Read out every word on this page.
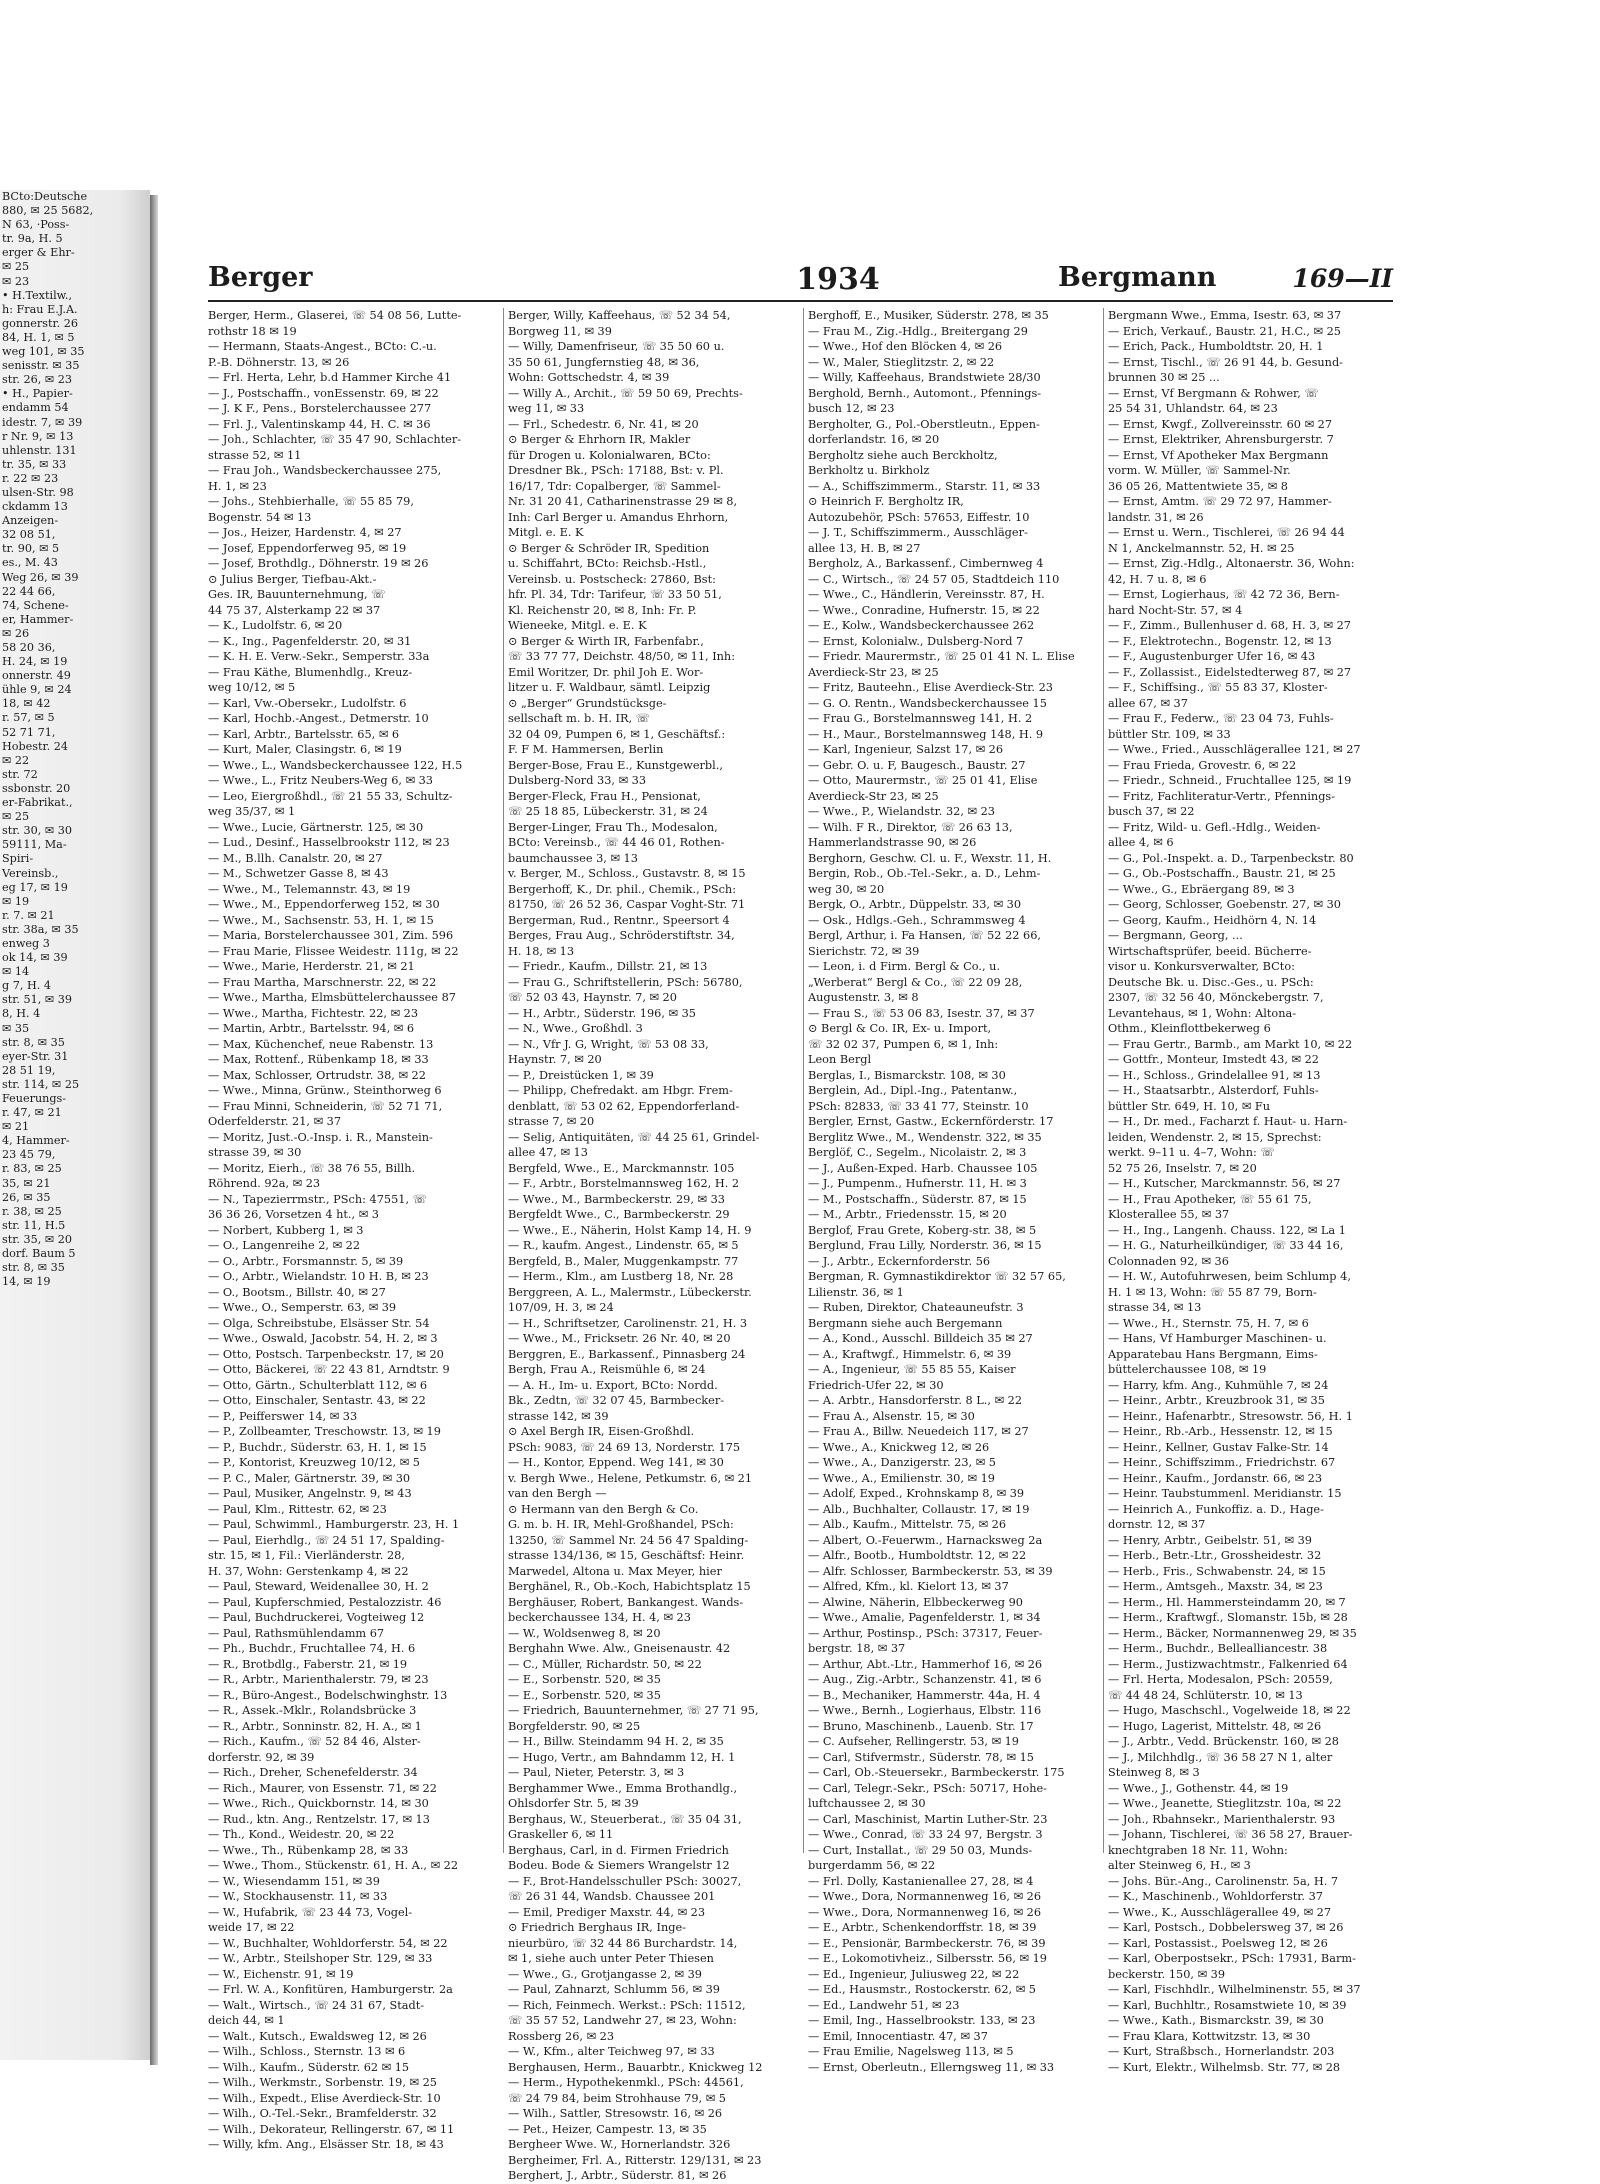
BCto:Deutsche
880, ✉ 25 5682,
N 63, ·Poss-
tr. 9a, H. 5
erger & Ehr-
✉ 25
✉ 23
• H.Textilw.,
h: Frau E.J.A.
gonnerstr. 26
84, H. 1, ✉ 5
weg 101, ✉ 35
senisstr. ✉ 35
str. 26, ✉ 23
• H., Papier-
endamm 54
idestr. 7, ✉ 39
r Nr. 9, ✉ 13
uhlenstr. 131
tr. 35, ✉ 33
r. 22 ✉ 23
ulsen-Str. 98
ckdamm 13
Anzeigen-
32 08 51,
tr. 90, ✉ 5
es., M. 43
Weg 26, ✉ 39
22 44 66,
74, Schene-
er, Hammer-
✉ 26
58 20 36,
H. 24, ✉ 19
onnerstr. 49
ühle 9, ✉ 24
18, ✉ 42
r. 57, ✉ 5
52 71 71,
Hobestr. 24
✉ 22
str. 72
ssbonstr. 20
er-Fabrikat.,
✉ 25
str. 30, ✉ 30
59111, Ma-
Spiri-
Vereinsb.,
eg 17, ✉ 19
✉ 19
r. 7. ✉ 21
str. 38a, ✉ 35
enweg 3
ok 14, ✉ 39
✉ 14
g 7, H. 4
str. 51, ✉ 39
8, H. 4
✉ 35
str. 8, ✉ 35
eyer-Str. 31
28 51 19,
str. 114, ✉ 25
Feuerungs-
r. 47, ✉ 21
✉ 21
4, Hammer-
23 45 79,
r. 83, ✉ 25
35, ✉ 21
26, ✉ 35
r. 38, ✉ 25
str. 11, H.5
str. 35, ✉ 20
dorf. Baum 5
str. 8, ✉ 35
14, ✉ 19
Berger	1934	Bergmann	169—II
Berger, Herm., Glaserei, ☏ 54 08 56, Lutte-
rothstr 18 ✉ 19
— Hermann, Staats-Angest., BCto: C.-u.
P.-B. Döhnerstr. 13, ✉ 26
— Frl. Herta, Lehr, b.d Hammer Kirche 41
— J., Postschaffn., vonEssenstr. 69, ✉ 22
— J. K F., Pens., Borstelerchaussee 277
— Frl. J., Valentinskamp 44, H. C. ✉ 36
— Joh., Schlachter, ☏ 35 47 90, Schlachter-
strasse 52, ✉ 11
— Frau Joh., Wandsbeckerchaussee 275,
H. 1, ✉ 23
— Johs., Stehbierhalle, ☏ 55 85 79,
Bogenstr. 54 ✉ 13
— Jos., Heizer, Hardenstr. 4, ✉ 27
— Josef, Eppendorferweg 95, ✉ 19
— Josef, Brothdlg., Döhnerstr. 19 ✉ 26
⊙ Julius Berger, Tiefbau-Akt.-
Ges. IR, Bauunternehmung, ☏
44 75 37, Alsterkamp 22 ✉ 37
— K., Ludolfstr. 6, ✉ 20
— K., Ing., Pagenfelderstr. 20, ✉ 31
— K. H. E. Verw.-Sekr., Semperstr. 33a
— Frau Käthe, Blumenhdlg., Kreuz-
weg 10/12, ✉ 5
— Karl, Vw.-Obersekr., Ludolfstr. 6
— Karl, Hochb.-Angest., Detmerstr. 10
— Karl, Arbtr., Bartelsstr. 65, ✉ 6
— Kurt, Maler, Clasingstr. 6, ✉ 19
— Wwe., L., Wandsbeckerchaussee 122, H.5
— Wwe., L., Fritz Neubers-Weg 6, ✉ 33
— Leo, Eiergroßhdl., ☏ 21 55 33, Schultz-
weg 35/37, ✉ 1
— Wwe., Lucie, Gärtnerstr. 125, ✉ 30
— Lud., Desinf., Hasselbrookstr 112, ✉ 23
— M., B.llh. Canalstr. 20, ✉ 27
— M., Schwetzer Gasse 8, ✉ 43
— Wwe., M., Telemannstr. 43, ✉ 19
— Wwe., M., Eppendorferweg 152, ✉ 30
— Wwe., M., Sachsenstr. 53, H. 1, ✉ 15
— Maria, Borstelerchaussee 301, Zim. 596
— Frau Marie, Flissee Weidestr. 111g, ✉ 22
— Wwe., Marie, Herderstr. 21, ✉ 21
— Frau Martha, Marschnerstr. 22, ✉ 22
— Wwe., Martha, Elmsbüttelerchaussee 87
— Wwe., Martha, Fichtestr. 22, ✉ 23
— Martin, Arbtr., Bartelsstr. 94, ✉ 6
— Max, Küchenchef, neue Rabenstr. 13
— Max, Rottenf., Rübenkamp 18, ✉ 33
— Max, Schlosser, Ortrudstr. 38, ✉ 22
— Wwe., Minna, Grünw., Steinthorweg 6
— Frau Minni, Schneiderin, ☏ 52 71 71,
Oderfelderstr. 21, ✉ 37
— Moritz, Just.-O.-Insp. i. R., Manstein-
strasse 39, ✉ 30
— Moritz, Eierh., ☏ 38 76 55, Billh.
Röhrend. 92a, ✉ 23
— N., Tapezierrmstr., PSch: 47551, ☏
36 36 26, Vorsetzen 4 ht., ✉ 3
— Norbert, Kubberg 1, ✉ 3
— O., Langenreihe 2, ✉ 22
— O., Arbtr., Forsmannstr. 5, ✉ 39
— O., Arbtr., Wielandstr. 10 H. B, ✉ 23
— O., Bootsm., Billstr. 40, ✉ 27
— Wwe., O., Semperstr. 63, ✉ 39
— Olga, Schreibstube, Elsässer Str. 54
— Wwe., Oswald, Jacobstr. 54, H. 2, ✉ 3
— Otto, Postsch. Tarpenbeckstr. 17, ✉ 20
— Otto, Bäckerei, ☏ 22 43 81, Arndtstr. 9
— Otto, Gärtn., Schulterblatt 112, ✉ 6
— Otto, Einschaler, Sentastr. 43, ✉ 22
— P., Peifferswег 14, ✉ 33
— P., Zollbeamter, Treschowstr. 13, ✉ 19
— P., Buchdr., Süderstr. 63, H. 1, ✉ 15
— P., Kontorist, Kreuzweg 10/12, ✉ 5
— P. C., Maler, Gärtnerstr. 39, ✉ 30
— Paul, Musiker, Angelnstr. 9, ✉ 43
— Paul, Klm., Rittestr. 62, ✉ 23
— Paul, Schwimml., Hamburgerstr. 23, H. 1
— Paul, Eierhdlg., ☏ 24 51 17, Spalding-
str. 15, ✉ 1, Fil.: Vierländerstr. 28,
H. 37, Wohn: Gerstenkamp 4, ✉ 22
— Paul, Steward, Weidenallee 30, H. 2
— Paul, Kupferschmied, Pestalozzistr. 46
— Paul, Buchdruckerei, Vogteiweg 12
— Paul, Rathsmühlendamm 67
— Ph., Buchdr., Fruchtallee 74, H. 6
— R., Brotbdlg., Faberstr. 21, ✉ 19
— R., Arbtr., Marienthalerstr. 79, ✉ 23
— R., Büro-Angest., Bodelschwinghstr. 13
— R., Assek.-Mklr., Rolandsbrücke 3
— R., Arbtr., Sonninstr. 82, H. A., ✉ 1
— Rich., Kaufm., ☏ 52 84 46, Alster-
dorferstr. 92, ✉ 39
— Rich., Dreher, Schenefelderstr. 34
— Rich., Maurer, von Essenstr. 71, ✉ 22
— Wwe., Rich., Quickbornstr. 14, ✉ 30
— Rud., ktn. Ang., Rentzelstr. 17, ✉ 13
— Th., Kond., Weidestr. 20, ✉ 22
— Wwe., Th., Rübenkamp 28, ✉ 33
— Wwe., Thom., Stückenstr. 61, H. A., ✉ 22
— W., Wiesendamm 151, ✉ 39
— W., Stockhausenstr. 11, ✉ 33
— W., Hufabrik, ☏ 23 44 73, Vogel-
weide 17, ✉ 22
— W., Buchhalter, Wohldorferstr. 54, ✉ 22
— W., Arbtr., Steilshoper Str. 129, ✉ 33
— W., Eichenstr. 91, ✉ 19
— Frl. W. A., Konfitüren, Hamburgerstr. 2a
— Walt., Wirtsch., ☏ 24 31 67, Stadt-
deich 44, ✉ 1
— Walt., Kutsch., Ewaldsweg 12, ✉ 26
— Wilh., Schloss., Sternstr. 13 ✉ 6
— Wilh., Kaufm., Süderstr. 62 ✉ 15
— Wilh., Werkmstr., Sorbenstr. 19, ✉ 25
— Wilh., Expedt., Elise Averdieck-Str. 10
— Wilh., O.-Tel.-Sekr., Bramfelderstr. 32
— Wilh., Dekorateur, Rellingerstr. 67, ✉ 11
— Willy, kfm. Ang., Elsässer Str. 18, ✉ 43
Berger, Willy, Kaffeehaus, ☏ 52 34 54,
Borgweg 11, ✉ 39
— Willy, Damenfriseur, ☏ 35 50 60 u.
35 50 61, Jungfernstieg 48, ✉ 36,
Wohn: Gottschedstr. 4, ✉ 39
— Willy A., Archit., ☏ 59 50 69, Prechts-
weg 11, ✉ 33
— Frl., Schedestr. 6, Nr. 41, ✉ 20
⊙ Berger & Ehrhorn IR, Makler
für Drogen u. Kolonialwaren, BCto:
Dresdner Bk., PSch: 17188, Bst: v. Pl.
16/17, Tdr: Copalberger, ☏ Sammel-
Nr. 31 20 41, Catharinenstrasse 29 ✉ 8,
Inh: Carl Berger u. Amandus Ehrhorn,
Mitgl. e. E. K
⊙ Berger & Schröder IR, Spedition
u. Schiffahrt, BCto: Reichsb.-Hstl.,
Vereinsb. u. Postscheck: 27860, Bst:
hfr. Pl. 34, Tdr: Tarifeur, ☏ 33 50 51,
Kl. Reichenstr 20, ✉ 8, Inh: Fr. P.
Wieneeke, Mitgl. e. E. K
⊙ Berger & Wirth IR, Farbenfabr.,
☏ 33 77 77, Deichstr. 48/50, ✉ 11, Inh:
Emil Woritzer, Dr. phil Joh E. Wor-
litzer u. F. Waldbaur, sämtl. Leipzig
⊙ „Berger“ Grundstücksge-
sellschaft m. b. H. IR, ☏
32 04 09, Pumpen 6, ✉ 1, Geschäftsf.:
F. F M. Hammersen, Berlin
Berger-Bose, Frau E., Kunstgewerbl.,
Dulsberg-Nord 33, ✉ 33
Berger-Fleck, Frau H., Pensionat,
☏ 25 18 85, Lübeckerstr. 31, ✉ 24
Berger-Linger, Frau Th., Modesalon,
BCto: Vereinsb., ☏ 44 46 01, Rothen-
baumchaussee 3, ✉ 13
v. Berger, M., Schloss., Gustavstr. 8, ✉ 15
Bergerhoff, K., Dr. phil., Chemik., PSch:
81750, ☏ 26 52 36, Caspar Voght-Str. 71
Bergerman, Rud., Rentnr., Speersort 4
Berges, Frau Aug., Schröderstiftstr. 34,
H. 18, ✉ 13
— Friedr., Kaufm., Dillstr. 21, ✉ 13
— Frau G., Schriftstellerin, PSch: 56780,
☏ 52 03 43, Haynstr. 7, ✉ 20
— H., Arbtr., Süderstr. 196, ✉ 35
— N., Wwe., Großhdl. 3
— N., Vfr J. G, Wright, ☏ 53 08 33,
Haynstr. 7, ✉ 20
— P., Dreistücken 1, ✉ 39
— Philipp, Chefredakt. am Hbgr. Frem-
denblatt, ☏ 53 02 62, Eppendorferland-
strasse 7, ✉ 20
— Selig, Antiquitäten, ☏ 44 25 61, Grindel-
allee 47, ✉ 13
Bergfeld, Wwe., E., Marckmannstr. 105
— F., Arbtr., Borstelmannsweg 162, H. 2
— Wwe., M., Barmbeckerstr. 29, ✉ 33
Bergfeldt Wwe., C., Barmbeckerstr. 29
— Wwe., E., Näherin, Holst Kamp 14, H. 9
— R., kaufm. Angest., Lindenstr. 65, ✉ 5
Bergfeld, B., Maler, Muggenkampstr. 77
— Herm., Klm., am Lustberg 18, Nr. 28
Berggreen, A. L., Malermstr., Lübeckerstr.
107/09, H. 3, ✉ 24
— H., Schriftsetzer, Carolinenstr. 21, H. 3
— Wwe., M., Fricksetr. 26 Nr. 40, ✉ 20
Berggren, E., Barkassenf., Pinnasberg 24
Bergh, Frau A., Reismühle 6, ✉ 24
— A. H., Im- u. Export, BCto: Nordd.
Bk., Zedtn, ☏ 32 07 45, Barmbecker-
strasse 142, ✉ 39
⊙ Axel Bergh IR, Eisen-Großhdl.
PSch: 9083, ☏ 24 69 13, Norderstr. 175
— H., Kontor, Eppend. Weg 141, ✉ 30
v. Bergh Wwe., Helene, Petkumstr. 6, ✉ 21
van den Bergh —
⊙ Hermann van den Bergh & Co.
G. m. b. H. IR, Mehl-Großhandel, PSch:
13250, ☏ Sammel Nr. 24 56 47 Spalding-
strasse 134/136, ✉ 15, Geschäftsf: Heinr.
Marwedel, Altona u. Max Meyer, hier
Berghänel, R., Ob.-Koch, Habichtsplatz 15
Berghäuser, Robert, Bankangest. Wands-
beckerchaussee 134, H. 4, ✉ 23
— W., Woldsenweg 8, ✉ 20
Berghahn Wwe. Alw., Gneisenaustr. 42
— C., Müller, Richardstr. 50, ✉ 22
— E., Sorbenstr. 520, ✉ 35
— E., Sorbenstr. 520, ✉ 35
— Friedrich, Bauunternehmer, ☏ 27 71 95,
Borgfelderstr. 90, ✉ 25
— H., Billw. Steindamm 94 H. 2, ✉ 35
— Hugo, Vertr., am Bahndamm 12, H. 1
— Paul, Nieter, Peterstr. 3, ✉ 3
Berghammer Wwe., Emma Brothandlg.,
Ohlsdorfer Str. 5, ✉ 39
Berghaus, W., Steuerberat., ☏ 35 04 31,
Graskeller 6, ✉ 11
Berghaus, Carl, in d. Firmen Friedrich
Bodeu. Bode & Siemers Wrangelstr 12
— F., Brot-Handelsschuller PSch: 30027,
☏ 26 31 44, Wandsb. Chaussee 201
— Emil, Prediger Maxstr. 44, ✉ 23
⊙ Friedrich Berghaus IR, Inge-
nieurbüro, ☏ 32 44 86 Burchardstr. 14,
✉ 1, siehe auch unter Peter Thiesen
— Wwe., G., Grotjangasse 2, ✉ 39
— Paul, Zahnarzt, Schlumm 56, ✉ 39
— Rich, Feinmech. Werkst.: PSch: 11512,
☏ 35 57 52, Landwehr 27, ✉ 23, Wohn:
Rossberg 26, ✉ 23
— W., Kfm., alter Teichweg 97, ✉ 33
Berghausen, Herm., Bauarbtr., Knickweg 12
— Herm., Hypothekenmkl., PSch: 44561,
☏ 24 79 84, beim Strohhause 79, ✉ 5
— Wilh., Sattler, Stresowstr. 16, ✉ 26
— Pet., Heizer, Campestr. 13, ✉ 35
Bergheer Wwe. W., Hornerlandstr. 326
Bergheimer, Frl. A., Ritterstr. 129/131, ✉ 23
Berghert, J., Arbtr., Süderstr. 81, ✉ 26
Berghoff, E., Musiker, Süderstr. 278, ✉ 35
— Frau M., Zig.-Hdlg., Breitergang 29
— Wwe., Hof den Blöcken 4, ✉ 26
— W., Maler, Stieglitzstr. 2, ✉ 22
— Willy, Kaffeehaus, Brandstwiete 28/30
Berghold, Bernh., Automont., Pfennings-
busch 12, ✉ 23
Bergholter, G., Pol.-Oberstleutn., Eppen-
dorferlandstr. 16, ✉ 20
Bergholtz siehe auch Berckholtz,
Berkholtz u. Birkholz
— A., Schiffszimmerm., Starstr. 11, ✉ 33
⊙ Heinrich F. Bergholtz IR,
Autozubehör, PSch: 57653, Eiffestr. 10
— J. T., Schiffszimmerm., Ausschläger-
allee 13, H. B, ✉ 27
Bergholz, A., Barkassenf., Cimbernweg 4
— C., Wirtsch., ☏ 24 57 05, Stadtdeich 110
— Wwe., C., Händlerin, Vereinsstr. 87, H.
— Wwe., Conradine, Hufnerstr. 15, ✉ 22
— E., Kolw., Wandsbeckerchaussee 262
— Ernst, Kolonialw., Dulsberg-Nord 7
— Friedr. Maurermstr., ☏ 25 01 41 N. L. Elise
Averdieck-Str 23, ✉ 25
— Fritz, Bauteehn., Elise Averdieck-Str. 23
— G. O. Rentn., Wandsbeckerchaussee 15
— Frau G., Borstelmannsweg 141, H. 2
— H., Maur., Borstelmannsweg 148, H. 9
— Karl, Ingenieur, Salzst 17, ✉ 26
— Gebr. O. u. F, Baugesch., Baustr. 27
— Otto, Maurermstr., ☏ 25 01 41, Elise
Averdieck-Str 23, ✉ 25
— Wwe., P., Wielandstr. 32, ✉ 23
— Wilh. F R., Direktor, ☏ 26 63 13,
Hammerlandstrasse 90, ✉ 26
Berghorn, Geschw. Cl. u. F., Wexstr. 11, H.
Bergin, Rob., Ob.-Tel.-Sekr., a. D., Lehm-
weg 30, ✉ 20
Bergk, O., Arbtr., Düppelstr. 33, ✉ 30
— Osk., Hdlgs.-Geh., Schrammsweg 4
Bergl, Arthur, i. Fa Hansen, ☏ 52 22 66,
Sierichstr. 72, ✉ 39
— Leon, i. d Firm. Bergl & Co., u.
„Werberat“ Bergl & Co., ☏ 22 09 28,
Augustenstr. 3, ✉ 8
— Frau S., ☏ 53 06 83, Isestr. 37, ✉ 37
⊙ Bergl & Co. IR, Ex- u. Import,
☏ 32 02 37, Pumpen 6, ✉ 1, Inh:
Leon Bergl
Berglas, I., Bismarckstr. 108, ✉ 30
Berglein, Ad., Dipl.-Ing., Patentanw.,
PSch: 82833, ☏ 33 41 77, Steinstr. 10
Bergler, Ernst, Gastw., Eckernförderstr. 17
Berglitz Wwe., M., Wendenstr. 322, ✉ 35
Berglöf, C., Segelm., Nicolaistr. 2, ✉ 3
— J., Außen-Exped. Harb. Chaussee 105
— J., Pumpenm., Hufnerstr. 11, H. ✉ 3
— M., Postschaffn., Süderstr. 87, ✉ 15
— M., Arbtr., Friedensstr. 15, ✉ 20
Berglof, Frau Grete, Koberg-str. 38, ✉ 5
Berglund, Frau Lilly, Norderstr. 36, ✉ 15
— J., Arbtr., Eckernforderstr. 56
Bergman, R. Gymnastikdirektor ☏ 32 57 65,
Lilienstr. 36, ✉ 1
— Ruben, Direktor, Chateauneufstr. 3
Bergmann siehe auch Bergemann
— A., Kond., Ausschl. Billdeich 35 ✉ 27
— A., Kraftwgf., Himmelstr. 6, ✉ 39
— A., Ingenieur, ☏ 55 85 55, Kaiser
Friedrich-Ufer 22, ✉ 30
— A. Arbtr., Hansdorferstr. 8 L., ✉ 22
— Frau A., Alsenstr. 15, ✉ 30
— Frau A., Billw. Neuedeich 117, ✉ 27
— Wwe., A., Knickweg 12, ✉ 26
— Wwe., A., Danzigerstr. 23, ✉ 5
— Wwe., A., Emilienstr. 30, ✉ 19
— Adolf, Exped., Krohnskamp 8, ✉ 39
— Alb., Buchhalter, Collaustr. 17, ✉ 19
— Alb., Kaufm., Mittelstr. 75, ✉ 26
— Albert, O.-Feuerwm., Harnacksweg 2a
— Alfr., Bootb., Humboldtstr. 12, ✉ 22
— Alfr. Schlosser, Barmbeckerstr. 53, ✉ 39
— Alfred, Kfm., kl. Kielort 13, ✉ 37
— Alwine, Näherin, Elbbeckerweg 90
— Wwe., Amalie, Pagenfelderstr. 1, ✉ 34
— Arthur, Postinsp., PSch: 37317, Feuer-
bergstr. 18, ✉ 37
— Arthur, Abt.-Ltr., Hammerhof 16, ✉ 26
— Aug., Zig.-Arbtr., Schanzenstr. 41, ✉ 6
— B., Mechaniker, Hammerstr. 44a, H. 4
— Wwe., Bernh., Logierhaus, Elbstr. 116
— Bruno, Maschinenb., Lauenb. Str. 17
— C. Aufseher, Rellingerstr. 53, ✉ 19
— Carl, Stifvermstr., Süderstr. 78, ✉ 15
— Carl, Ob.-Steuersekr., Barmbeckerstr. 175
— Carl, Telegr.-Sekr., PSch: 50717, Hohe-
luftchaussee 2, ✉ 30
— Carl, Maschinist, Martin Luther-Str. 23
— Wwe., Conrad, ☏ 33 24 97, Bergstr. 3
— Curt, Installat., ☏ 29 50 03, Munds-
burgerdamm 56, ✉ 22
— Frl. Dolly, Kastanienallee 27, 28, ✉ 4
— Wwe., Dora, Normannenweg 16, ✉ 26
— Wwe., Dora, Normannenweg 16, ✉ 26
— E., Arbtr., Schenkendorffstr. 18, ✉ 39
— E., Pensionär, Barmbeckerstr. 76, ✉ 39
— E., Lokomotivheiz., Silbersstr. 56, ✉ 19
— Ed., Ingenieur, Juliusweg 22, ✉ 22
— Ed., Hausmstr., Rostockerstr. 62, ✉ 5
— Ed., Landwehr 51, ✉ 23
— Emil, Ing., Hasselbrookstr. 133, ✉ 23
— Emil, Innocentiastr. 47, ✉ 37
— Frau Emilie, Nagelsweg 113, ✉ 5
— Ernst, Oberleutn., Ellerngsweg 11, ✉ 33
Bergmann Wwe., Emma, Isestr. 63, ✉ 37
— Erich, Verkauf., Baustr. 21, H.C., ✉ 25
— Erich, Pack., Humboldtstr. 20, H. 1
— Ernst, Tischl., ☏ 26 91 44, b. Gesund-
brunnen 30 ✉ 25 ...
— Ernst, Vf Bergmann & Rohwer, ☏
25 54 31, Uhlandstr. 64, ✉ 23
— Ernst, Kwgf., Zollvereinsstr. 60 ✉ 27
— Ernst, Elektriker, Ahrensburgerstr. 7
— Ernst, Vf Apotheker Max Bergmann
vorm. W. Müller, ☏ Sammel-Nr.
36 05 26, Mattentwiete 35, ✉ 8
— Ernst, Amtm. ☏ 29 72 97, Hammer-
landstr. 31, ✉ 26
— Ernst u. Wern., Tischlerei, ☏ 26 94 44
N 1, Anckelmannstr. 52, H. ✉ 25
— Ernst, Zig.-Hdlg., Altonaerstr. 36, Wohn:
42, H. 7 u. 8, ✉ 6
— Ernst, Logierhaus, ☏ 42 72 36, Bern-
hard Nocht-Str. 57, ✉ 4
— F., Zimm., Bullenhuser d. 68, H. 3, ✉ 27
— F., Elektrotechn., Bogenstr. 12, ✉ 13
— F., Augustenburger Ufer 16, ✉ 43
— F., Zollassist., Eidelstedterweg 87, ✉ 27
— F., Schiffsing., ☏ 55 83 37, Kloster-
allee 67, ✉ 37
— Frau F., Federw., ☏ 23 04 73, Fuhls-
büttler Str. 109, ✉ 33
— Wwe., Fried., Ausschlägerallee 121, ✉ 27
— Frau Frieda, Grovestr. 6, ✉ 22
— Friedr., Schneid., Fruchtallee 125, ✉ 19
— Fritz, Fachliteratur-Vertr., Pfennings-
busch 37, ✉ 22
— Fritz, Wild- u. Gefl.-Hdlg., Weiden-
allee 4, ✉ 6
— G., Pol.-Inspekt. a. D., Tarpenbeckstr. 80
— G., Ob.-Postschaffn., Baustr. 21, ✉ 25
— Wwe., G., Ebräergang 89, ✉ 3
— Georg, Schlosser, Goebenstr. 27, ✉ 30
— Georg, Kaufm., Heidhörn 4, N. 14
— Bergmann, Georg, ...
Wirtschaftsprüfer, beeid. Bücherre-
visor u. Konkursverwalter, BCto:
Deutsche Bk. u. Disc.-Ges., u. PSch:
2307, ☏ 32 56 40, Mönckebergstr. 7,
Levantehaus, ✉ 1, Wohn: Altona-
Othm., Kleinflottbekerweg 6
— Frau Gertr., Barmb., am Markt 10, ✉ 22
— Gottfr., Monteur, Imstedt 43, ✉ 22
— H., Schloss., Grindelallee 91, ✉ 13
— H., Staatsarbtr., Alsterdorf, Fuhls-
büttler Str. 649, H. 10, ✉ Fu
— H., Dr. med., Facharzt f. Haut- u. Harn-
leiden, Wendenstr. 2, ✉ 15, Sprechst:
werkt. 9–11 u. 4–7, Wohn: ☏
52 75 26, Inselstr. 7, ✉ 20
— H., Kutscher, Marckmannstr. 56, ✉ 27
— H., Frau Apotheker, ☏ 55 61 75,
Klosterallee 55, ✉ 37
— H., Ing., Langenh. Chauss. 122, ✉ La 1
— H. G., Naturheilkündiger, ☏ 33 44 16,
Colonnaden 92, ✉ 36
— H. W., Autofuhrwesen, beim Schlump 4,
H. 1 ✉ 13, Wohn: ☏ 55 87 79, Born-
strasse 34, ✉ 13
— Wwe., H., Sternstr. 75, H. 7, ✉ 6
— Hans, Vf Hamburger Maschinen- u.
Apparatebau Hans Bergmann, Eims-
büttelerchaussee 108, ✉ 19
— Harry, kfm. Ang., Kuhmühle 7, ✉ 24
— Heinr., Arbtr., Kreuzbrook 31, ✉ 35
— Heinr., Hafenarbtr., Stresowstr. 56, H. 1
— Heinr., Rb.-Arb., Hessenstr. 12, ✉ 15
— Heinr., Kellner, Gustav Falke-Str. 14
— Heinr., Schiffszimm., Friedrichstr. 67
— Heinr., Kaufm., Jordanstr. 66, ✉ 23
— Heinr. Taubstummenl. Meridianstr. 15
— Heinrich A., Funkoffiz. a. D., Hage-
dornstr. 12, ✉ 37
— Henry, Arbtr., Geibelstr. 51, ✉ 39
— Herb., Betr.-Ltr., Grossheidestr. 32
— Herb., Fris., Schwabenstr. 24, ✉ 15
— Herm., Amtsgeh., Maxstr. 34, ✉ 23
— Herm., Hl. Hammersteindamm 20, ✉ 7
— Herm., Kraftwgf., Slomanstr. 15b, ✉ 28
— Herm., Bäcker, Normannenweg 29, ✉ 35
— Herm., Buchdr., Bellealliancestr. 38
— Herm., Justizwachtmstr., Falkenried 64
— Frl. Herta, Modesalon, PSch: 20559,
☏ 44 48 24, Schlüterstr. 10, ✉ 13
— Hugo, Maschschl., Vogelweide 18, ✉ 22
— Hugo, Lagerist, Mittelstr. 48, ✉ 26
— J., Arbtr., Vedd. Brückenstr. 160, ✉ 28
— J., Milchhdlg., ☏ 36 58 27 N 1, alter
Steinweg 8, ✉ 3
— Wwe., J., Gothenstr. 44, ✉ 19
— Wwe., Jeanette, Stieglitzstr. 10a, ✉ 22
— Joh., Rbahnsekr., Marienthalerstr. 93
— Johann, Tischlerei, ☏ 36 58 27, Brauer-
knechtgraben 18 Nr. 11, Wohn:
alter Steinweg 6, H., ✉ 3
— Johs. Bür.-Ang., Carolinenstr. 5a, H. 7
— K., Maschinenb., Wohldorferstr. 37
— Wwe., K., Ausschlägerallee 49, ✉ 27
— Karl, Postsch., Dobbelersweg 37, ✉ 26
— Karl, Postassist., Poelsweg 12, ✉ 26
— Karl, Oberpostsekr., PSch: 17931, Barm-
beckerstr. 150, ✉ 39
— Karl, Fischhdlr., Wilhelminenstr. 55, ✉ 37
— Karl, Buchhltr., Rosamstwiete 10, ✉ 39
— Wwe., Kath., Bismarckstr. 39, ✉ 30
— Frau Klara, Kottwitzstr. 13, ✉ 30
— Kurt, Straßbsch., Hornerlandstr. 203
— Kurt, Elektr., Wilhelmsb. Str. 77, ✉ 28
